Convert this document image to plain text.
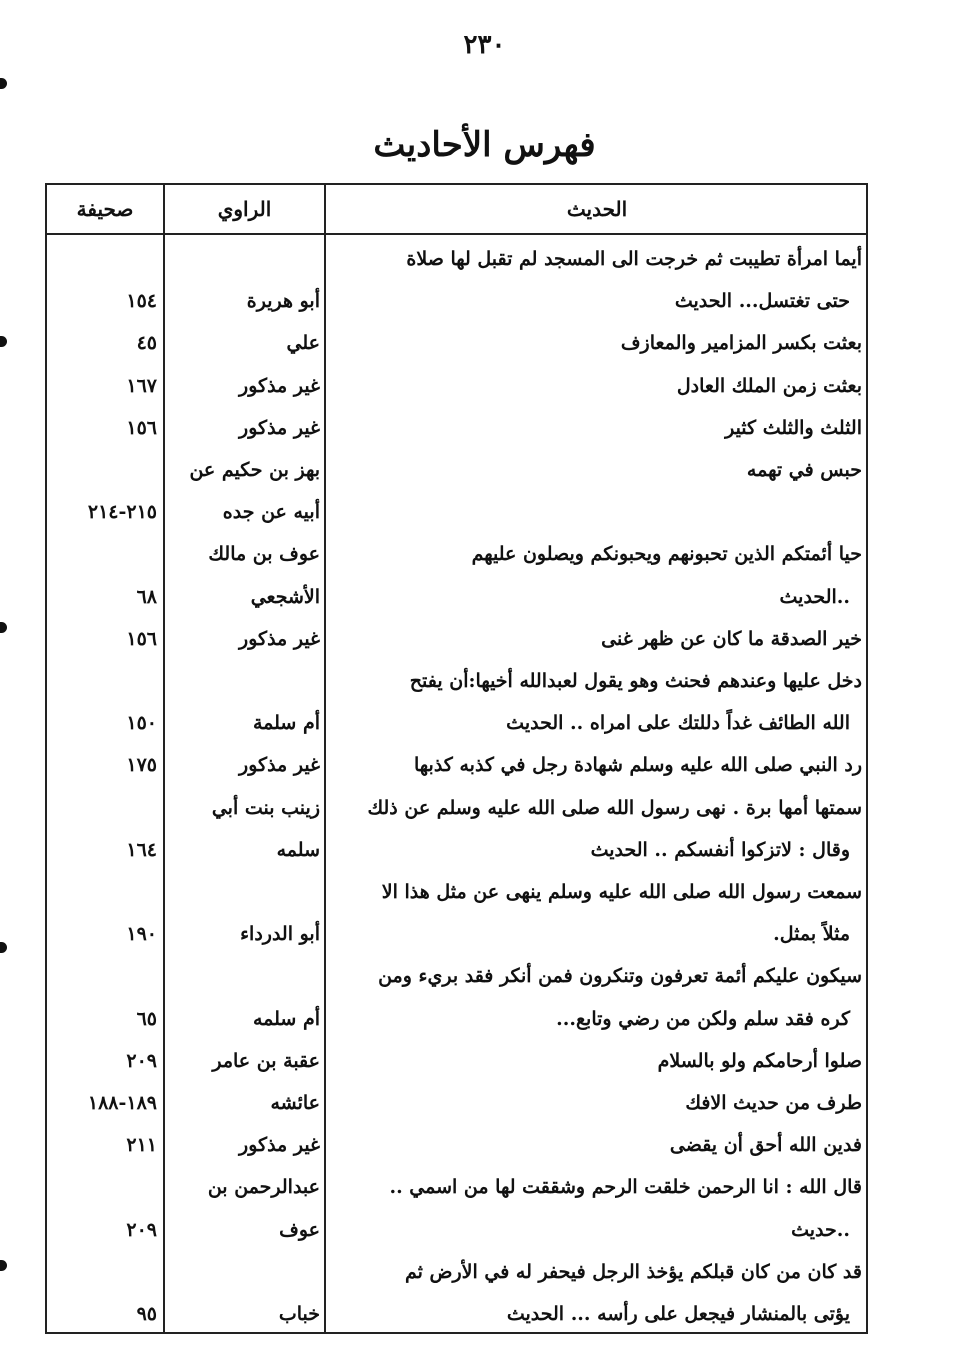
٢٣٠
فهرس الأحاديث
الحديث
الراوي
صحيفة
أيما امرأة تطيبت ثم خرجت الى المسجد لم تقبل لها صلاة
حتى تغتسل... الحديث
بعثت بكسر المزامير والمعازف
بعثت زمن الملك العادل
الثلث والثلث كثير
حبس في تهمه
حيا أئمتكم الذين تحبونهم ويحبونكم ويصلون عليهم
..الحديث
خير الصدقة ما كان عن ظهر غنى
دخل عليها وعندهم فحنث وهو يقول لعبدالله أخيها:أن يفتح
الله الطائف غداً دللتك على امراه .. الحديث
رد النبي صلى الله عليه وسلم شهادة رجل في كذبه كذبها
سمتها أمها برة . نهى رسول الله صلى الله عليه وسلم عن ذلك
وقال : لاتزكوا أنفسكم .. الحديث
سمعت رسول الله صلى الله عليه وسلم ينهى عن مثل هذا الا
مثلاً بمثل.
سيكون عليكم أئمة تعرفون وتنكرون فمن أنكر فقد بريء ومن
كره فقد سلم ولكن من رضي وتابع...
صلوا أرحامكم ولو بالسلام
طرف من حديث الافك
فدين الله أحق أن يقضى
قال الله : انا الرحمن خلقت الرحم وشققت لها من اسمي ..
..حديث
قد كان من كان قبلكم يؤخذ الرجل فيحفر له في الأرض ثم
يؤتى بالمنشار فيجعل على رأسه ... الحديث
أبو هريرة
علي
غير مذكور
غير مذكور
بهز بن حكيم عن
أبيه عن جده
عوف بن مالك
الأشجعي
غير مذكور
أم سلمة
غير مذكور
زينب بنت أبي
سلمه
أبو الدرداء
أم سلمه
عقبة بن عامر
عائشه
غير مذكور
عبدالرحمن بن
عوف
خباب
١٥٤
٤٥
١٦٧
١٥٦
٢١٥-٢١٤
٦٨
١٥٦
١٥٠
١٧٥
١٦٤
١٩٠
٦٥
٢٠٩
١٨٩-١٨٨
٢١١
٢٠٩
٩٥
